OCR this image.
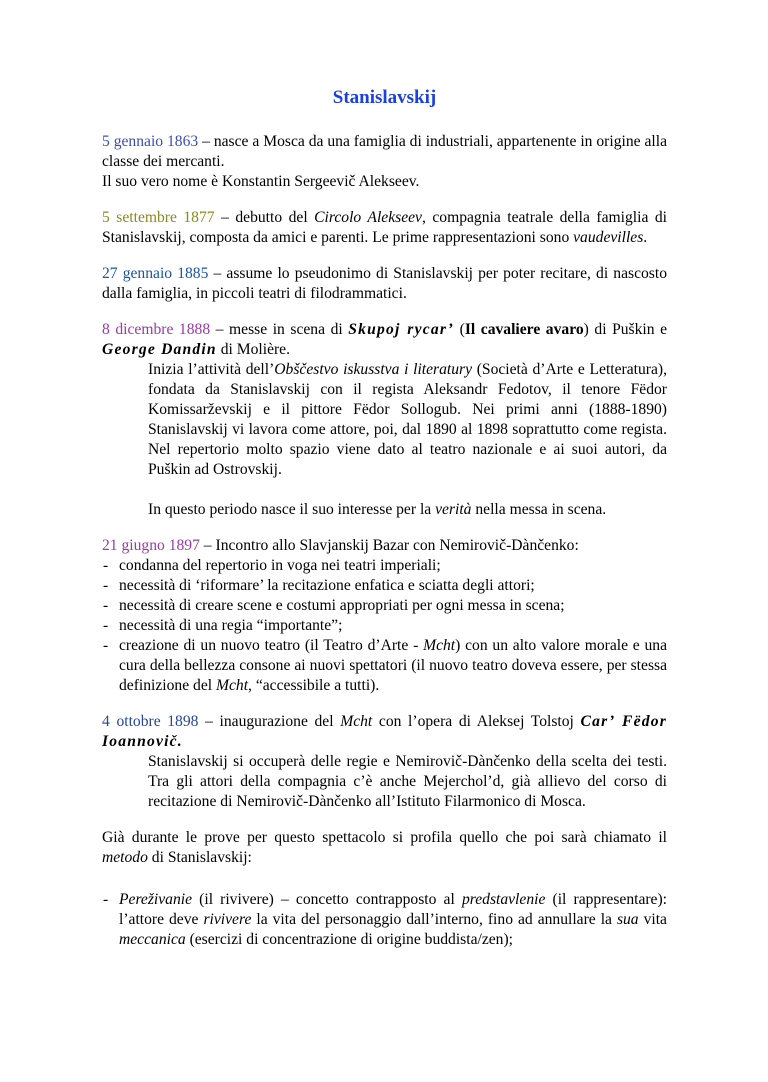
Stanislavskij
5 gennaio 1863 – nasce a Mosca da una famiglia di industriali, appartenente in origine alla classe dei mercanti.
Il suo vero nome è Konstantin Sergeevič Alekseev.
5 settembre 1877 – debutto del Circolo Alekseev, compagnia teatrale della famiglia di Stanislavskij, composta da amici e parenti. Le prime rappresentazioni sono vaudevilles.
27 gennaio 1885 – assume lo pseudonimo di Stanislavskij per poter recitare, di nascosto dalla famiglia, in piccoli teatri di filodrammatici.
8 dicembre 1888 – messe in scena di Skupoj rycar’ (Il cavaliere avaro) di Puškin e George Dandin di Molière.
Inizia l’attività dell’Obščestvo iskusstva i literatury (Società d’Arte e Letteratura), fondata da Stanislavskij con il regista Aleksandr Fedotov, il tenore Fëdor Komissarževskij e il pittore Fëdor Sollogub. Nei primi anni (1888-1890) Stanislavskij vi lavora come attore, poi, dal 1890 al 1898 soprattutto come regista. Nel repertorio molto spazio viene dato al teatro nazionale e ai suoi autori, da Puškin ad Ostrovskij.
In questo periodo nasce il suo interesse per la verità nella messa in scena.
21 giugno 1897 – Incontro allo Slavjanskij Bazar con Nemirovič-Dànčenko:
- condanna del repertorio in voga nei teatri imperiali;
- necessità di ‘riformare’ la recitazione enfatica e sciatta degli attori;
- necessità di creare scene e costumi appropriati per ogni messa in scena;
- necessità di una regia “importante”;
- creazione di un nuovo teatro (il Teatro d’Arte - Mcht) con un alto valore morale e una cura della bellezza consone ai nuovi spettatori (il nuovo teatro doveva essere, per stessa definizione del Mcht, “accessibile a tutti).
4 ottobre 1898 – inaugurazione del Mcht con l’opera di Aleksej Tolstoj Car’ Fëdor Ioannovič.
Stanislavskij si occuperà delle regie e Nemirovič-Dànčenko della scelta dei testi. Tra gli attori della compagnia c’è anche Mejerchol’d, già allievo del corso di recitazione di Nemirovič-Dànčenko all’Istituto Filarmonico di Mosca.
Già durante le prove per questo spettacolo si profila quello che poi sarà chiamato il metodo di Stanislavskij:
- Perežіvanie (il rivivere) – concetto contrapposto al predstavlenie (il rappresentare): l’attore deve rivivere la vita del personaggio dall’interno, fino ad annullare la sua vita meccanica (esercizi di concentrazione di origine buddista/zen);
